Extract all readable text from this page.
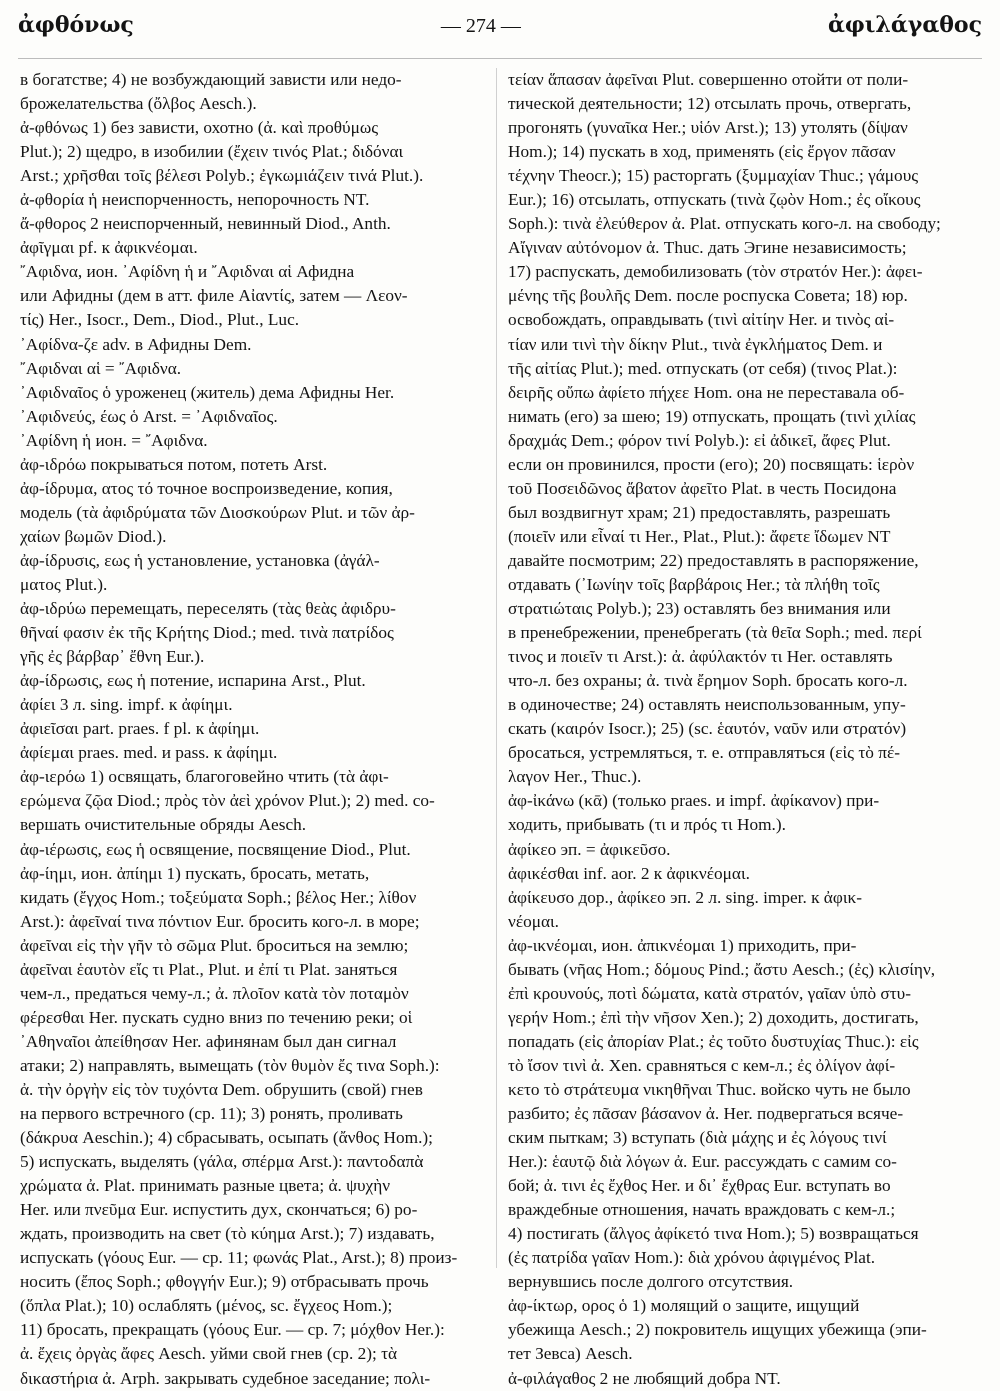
ἀφθόνως	— 274 —	ἀφιλάγαθος
в богатстве; 4) не возбуждающий зависти или недо-
брожелательства (ὄλβος Aesch.).
ἀ-φθόνως 1) без зависти, охотно (ἀ. καὶ προθύμως
Plut.); 2) щедро, в изобилии (ἔχειν τινός Plat.; διδόναι
Arst.; χρῆσθαι τοῖς βέλεσι Polyb.; ἐγκωμιάζειν τινά Plut.).
ἀ-φθορία ἡ неиспорченность, непорочность NT.
ἄ-φθορος 2 неиспорченный, невинный Diod., Anth.
ἀφῖγμαι pf. к ἀφικνέομαι.
῎Αφιδνα, ион. ᾿Αφίδνη ἡ и ῎Αφιδναι αἱ Афидна
или Афидны (дем в атт. филе Αἰαντίς, затем — Λεον-
τίς) Her., Isocr., Dem., Diod., Plut., Luc.
᾿Αφίδνα-ζε adv. в Афидны Dem.
῎Αφιδναι αἱ = ῎Αφιδνα.
᾿Αφιδναῖος ὁ уроженец (житель) дема Афидны Her.
᾿Αφιδνεύς, έως ὁ Arst. = ᾿Αφιδναῖος.
᾿Αφίδνη ἡ ион. = ῎Αφιδνα.
ἀφ-ιδρόω покрываться потом, потеть Arst.
ἀφ-ίδρυμα, ατος τό точное воспроизведение, копия,
модель (τὰ ἀφιδρύματα τῶν Διοσκούρων Plut. и τῶν ἀρ-
χαίων βωμῶν Diod.).
ἀφ-ίδρυσις, εως ἡ установление, установка (ἀγάλ-
ματος Plut.).
ἀφ-ιδρύω перемещать, переселять (τὰς θεὰς ἀφιδρυ-
θῆναί φασιν ἐκ τῆς Κρήτης Diod.; med. τινὰ πατρίδος
γῆς ἐς βάρβαρ᾿ ἔθνη Eur.).
ἀφ-ίδρωσις, εως ἡ потение, испарина Arst., Plut.
ἀφίει 3 л. sing. impf. к ἀφίημι.
ἀφιεῖσαι part. praes. f pl. к ἀφίημι.
ἀφίεμαι praes. med. и pass. к ἀφίημι.
ἀφ-ιερόω 1) освящать, благоговейно чтить (τὰ ἀφι-
ερώμενα ζῷα Diod.; πρὸς τὸν ἀεὶ χρόνον Plut.); 2) med. со-
вершать очистительные обряды Aesch.
ἀφ-ιέρωσις, εως ἡ освящение, посвящение Diod., Plut.
ἀφ-ίημι, ион. ἀπίημι 1) пускать, бросать, метать,
кидать (ἔγχος Hom.; τοξεύματα Soph.; βέλος Her.; λίθον
Arst.): ἀφεῖναί τινα πόντιον Eur. бросить кого-л. в море;
ἀφεῖναι εἰς τὴν γῆν τὸ σῶμα Plut. броситься на землю;
ἀφεῖναι ἑαυτὸν εἴς τι Plat., Plut. и ἐπί τι Plat. заняться
чем-л., предаться чему-л.; ἀ. πλοῖον κατὰ τὸν ποταμὸν
φέρεσθαι Her. пускать судно вниз по течению реки; οἱ
᾿Αθηναῖοι ἀπείθησαν Her. афинянам был дан сигнал
атаки; 2) направлять, вымещать (τὸν θυμὸν ἔς τινα Soph.):
ἀ. τὴν ὀργὴν εἰς τὸν τυχόντα Dem. обрушить (свой) гнев
на первого встречного (ср. 11); 3) ронять, проливать
(δάκρυα Aeschin.); 4) сбрасывать, осыпать (ἄνθος Hom.);
5) испускать, выделять (γάλα, σπέρμα Arst.): παντοδαπὰ
χρώματα ἀ. Plat. принимать разные цвета; ἀ. ψυχὴν
Her. или πνεῦμα Eur. испустить дух, скончаться; 6) ро-
ждать, производить на свет (τὸ κύημα Arst.); 7) издавать,
испускать (γόους Eur. — ср. 11; φωνάς Plat., Arst.); 8) произ-
носить (ἔπος Soph.; φθογγήν Eur.); 9) отбрасывать прочь
(ὅπλα Plat.); 10) ослаблять (μένος, sc. ἔγχεος Hom.);
11) бросать, прекращать (γόους Eur. — ср. 7; μόχθον Her.):
ἀ. ἔχεις ὀργὰς ἄφες Aesch. уйми свой гнев (ср. 2); τὰ
δικαστήρια ἀ. Arph. закрывать судебное заседание; πολι-
τείαν ἅπασαν ἀφεῖναι Plut. совершенно отойти от поли-
тической деятельности; 12) отсылать прочь, отвергать,
прогонять (γυναῖκα Her.; υἱόν Arst.); 13) утолять (δίψαν
Hom.); 14) пускать в ход, применять (εἰς ἔργον πᾶσαν
τέχνην Theocr.); 15) расторгать (ξυμμαχίαν Thuc.; γάμους
Eur.); 16) отсылать, отпускать (τινὰ ζῳὸν Hom.; ἐς οἴκους
Soph.): τινὰ ἐλεύθερον ἀ. Plat. отпускать кого-л. на свободу;
Αἴγιναν αὐτόνομον ἀ. Thuc. дать Эгине независимость;
17) распускать, демобилизовать (τὸν στρατόν Her.): ἀφει-
μένης τῆς βουλῆς Dem. после роспуска Совета; 18) юр.
освобождать, оправдывать (τινὶ αἰτίην Her. и τινὸς αἰ-
τίαν или τινὶ τὴν δίκην Plut., τινὰ ἐγκλήματος Dem. и
τῆς αἰτίας Plut.); med. отпускать (от себя) (τινος Plat.):
δειρῆς οὔπω ἀφίετο πήχεε Hom. она не переставала об-
нимать (его) за шею; 19) отпускать, прощать (τινὶ χιλίας
δραχμάς Dem.; φόρον τινί Polyb.): εἰ ἀδικεῖ, ἄφες Plut.
если он провинился, прости (его); 20) посвящать: ἱερὸν
τοῦ Ποσειδῶνος ἄβατον ἀφεῖτο Plat. в честь Посидона
был воздвигнут храм; 21) предоставлять, разрешать
(ποιεῖν или εἶναί τι Her., Plat., Plut.): ἄφετε ἴδωμεν NT
давайте посмотрим; 22) предоставлять в распоряжение,
отдавать (᾿Ιωνίην τοῖς βαρβάροις Her.; τὰ πλήθη τοῖς
στρατιώταις Polyb.); 23) оставлять без внимания или
в пренебрежении, пренебрегать (τὰ θεῖα Soph.; med. περί
τινος и ποιεῖν τι Arst.): ἀ. ἀφύλακτόν τι Her. оставлять
что-л. без охраны; ἀ. τινὰ ἔρημον Soph. бросать кого-л.
в одиночестве; 24) оставлять неиспользованным, упу-
скать (καιρόν Isocr.); 25) (sc. ἑαυτόν, ναῦν или στρατόν)
бросаться, устремляться, т. е. отправляться (εἰς τὸ πέ-
λαγον Her., Thuc.).
ἀφ-ἰκάνω (κᾱ) (только praes. и impf. ἀφίκανον) при-
ходить, прибывать (τι и πρός τι Hom.).
ἀφίκεο эп. = ἀφικεῦσο.
ἀφικέσθαι inf. aor. 2 к ἀφικνέομαι.
ἀφίκευσο дор., ἀφίκεο эп. 2 л. sing. imper. к ἀφικ-
νέομαι.
ἀφ-ικνέομαι, ион. ἀπικνέομαι 1) приходить, при-
бывать (νῆας Hom.; δόμους Pind.; ἄστυ Aesch.; (ἐς) κλισίην,
ἐπὶ κρουνούς, ποτὶ δώματα, κατὰ στρατόν, γαῖαν ὑπὸ στυ-
γερήν Hom.; ἐπὶ τὴν νῆσον Xen.); 2) доходить, достигать,
попадать (εἰς ἀπορίαν Plat.; ἐς τοῦτο δυστυχίας Thuc.): εἰς
τὸ ἴσον τινὶ ἀ. Xen. сравняться с кем-л.; ἐς ὀλίγον ἀφί-
κετο τὸ στράτευμα νικηθῆναι Thuc. войско чуть не было
разбито; ἐς πᾶσαν βάσανον ἀ. Her. подвергаться всяче-
ским пыткам; 3) вступать (διὰ μάχης и ἐς λόγους τινί
Her.): ἑαυτῷ διὰ λόγων ἀ. Eur. рассуждать с самим со-
бой; ἀ. τινι ἐς ἔχθος Her. и δι᾿ ἔχθρας Eur. вступать во
враждебные отношения, начать враждовать с кем-л.;
4) постигать (ἄλγος ἀφίκετό τινα Hom.); 5) возвращаться
(ἐς πατρίδα γαῖαν Hom.): διὰ χρόνου ἀφιγμένος Plat.
вернувшись после долгого отсутствия.
ἀφ-ίκτωρ, ορος ὁ 1) молящий о защите, ищущий
убежища Aesch.; 2) покровитель ищущих убежища (эпи-
тет Зевса) Aesch.
ἀ-φιλάγαθος 2 не любящий добра NT.
